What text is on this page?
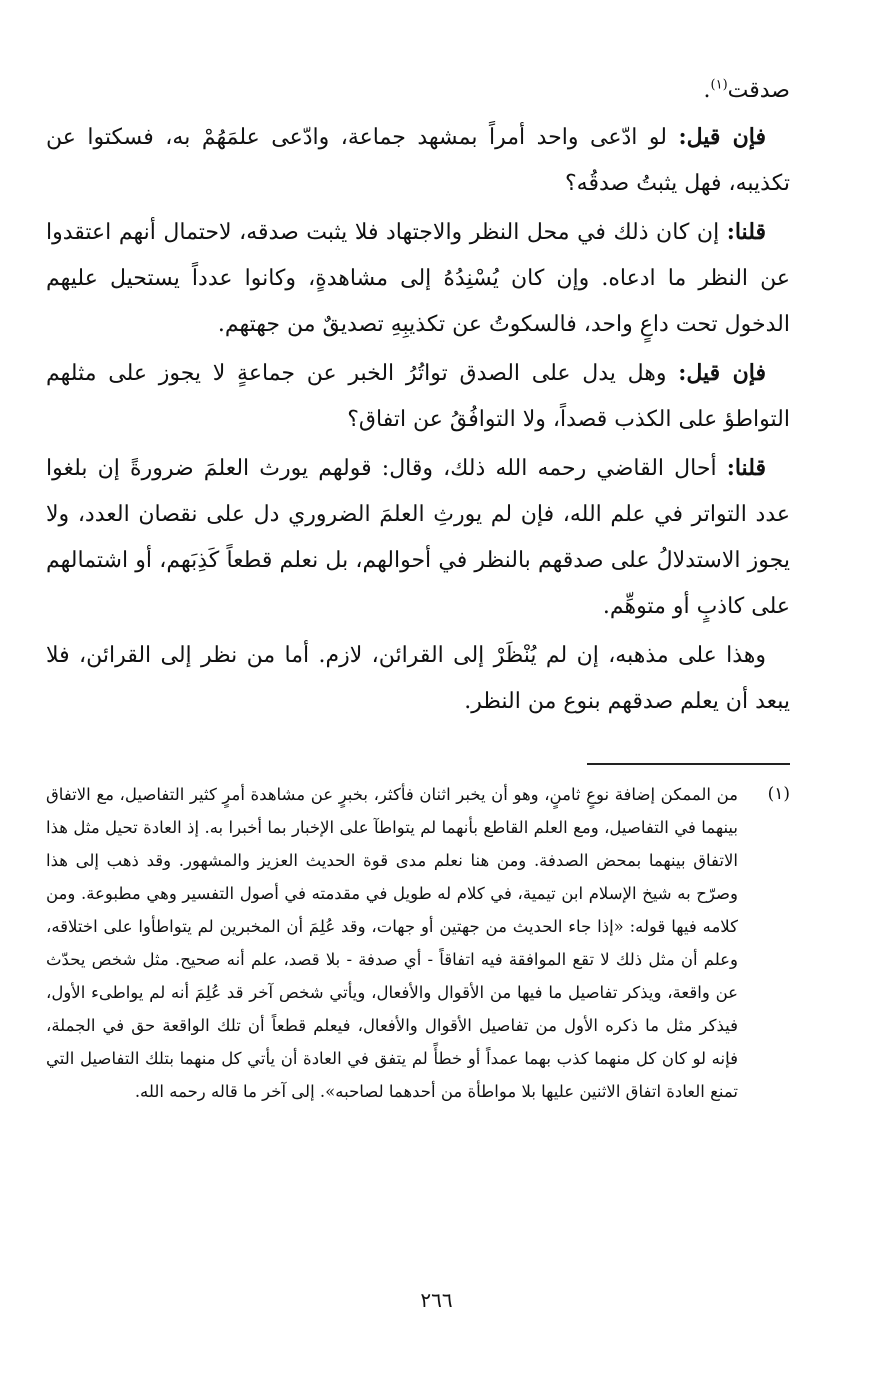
صدقت$^{(١)}$.

فإن قيل: لو ادّعى واحد أمراً بمشهد جماعة، وادّعى علمَهُمْ به، فسكتوا عن تكذيبه، فهل يثبتُ صدقُه؟

قلنا: إن كان ذلك في محل النظر والاجتهاد فلا يثبت صدقه، لاحتمال أنهم اعتقدوا عن النظر ما ادعاه. وإن كان يُسْنِدُهُ إلى مشاهدةٍ، وكانوا عدداً يستحيل عليهم الدخول تحت داعٍ واحد، فالسكوتُ عن تكذيبِهِ تصديقٌ من جهتهم.

فإن قيل: وهل يدل على الصدق تواتُرُ الخبر عن جماعةٍ لا يجوز على مثلهم التواطؤ على الكذب قصداً، ولا التوافُقُ عن اتفاق؟

قلنا: أحال القاضي رحمه الله ذلك، وقال: قولهم يورث العلمَ ضرورةً إن بلغوا عدد التواتر في علم الله، فإن لم يورثِ العلمَ الضروري دل على نقصان العدد، ولا يجوز الاستدلالُ على صدقهم بالنظر في أحوالهم، بل نعلم قطعاً كَذِبَهم، أو اشتمالهم على كاذبٍ أو متوهِّم.

وهذا على مذهبه، إن لم يُنْظَرْ إلى القرائن، لازم. أما من نظر إلى القرائن، فلا يبعد أن يعلم صدقهم بنوع من النظر.

(١)

من الممكن إضافة نوعٍ ثامنٍ، وهو أن يخبر اثنان فأكثر، بخبرٍ عن مشاهدة أمرٍ كثير التفاصيل، مع الاتفاق بينهما في التفاصيل، ومع العلم القاطع بأنهما لم يتواطآ على الإخبار بما أخبرا به. إذ العادة تحيل مثل هذا الاتفاق بينهما بمحض الصدفة. ومن هنا نعلم مدى قوة الحديث العزيز والمشهور. وقد ذهب إلى هذا وصرّح به شيخ الإسلام ابن تيمية، في كلام له طويل في مقدمته في أصول التفسير وهي مطبوعة. ومن كلامه فيها قوله: «إذا جاء الحديث من جهتين أو جهات، وقد عُلِمَ أن المخبرين لم يتواطأوا على اختلاقه، وعلم أن مثل ذلك لا تقع الموافقة فيه اتفاقاً - أي صدفة - بلا قصد، علم أنه صحيح. مثل شخص يحدّث عن واقعة، ويذكر تفاصيل ما فيها من الأقوال والأفعال، ويأتي شخص آخر قد عُلِمَ أنه لم يواطىء الأول، فيذكر مثل ما ذكره الأول من تفاصيل الأقوال والأفعال، فيعلم قطعاً أن تلك الواقعة حق في الجملة، فإنه لو كان كل منهما كذب بهما عمداً أو خطأً لم يتفق في العادة أن يأتي كل منهما بتلك التفاصيل التي تمنع العادة اتفاق الاثنين عليها بلا مواطأة من أحدهما لصاحبه». إلى آخر ما قاله رحمه الله.

٢٦٦
